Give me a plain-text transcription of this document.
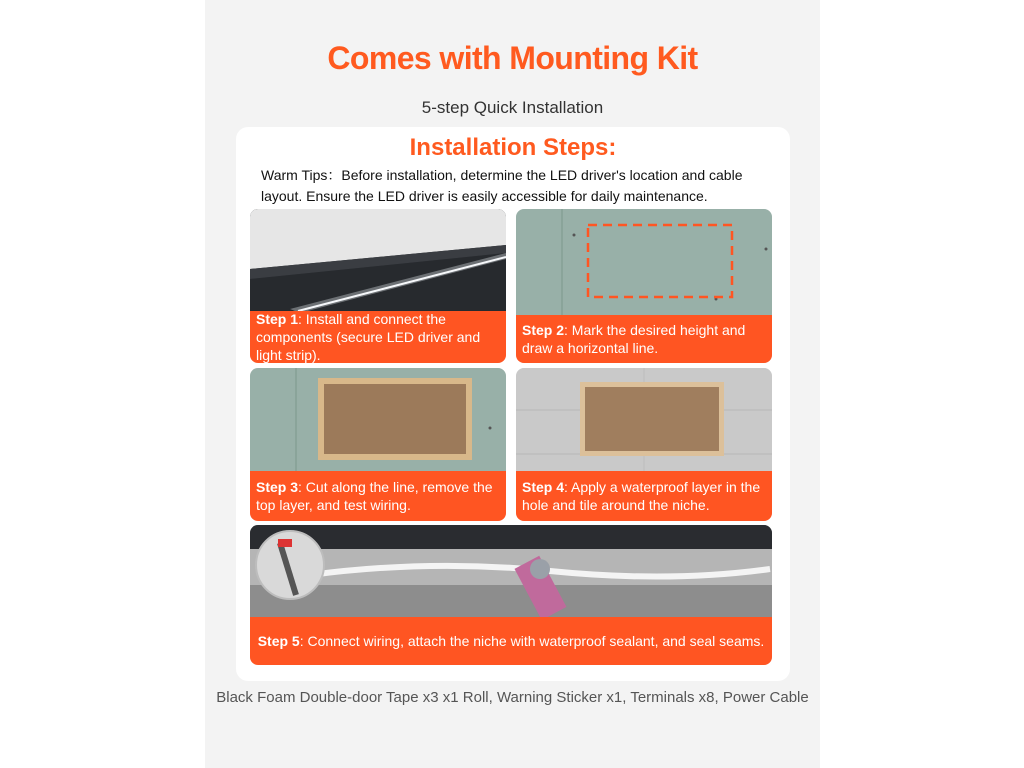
Comes with Mounting Kit
5-step Quick Installation
Installation Steps:
Warm Tips：Before installation, determine the LED driver's location and cable layout. Ensure the LED driver is easily accessible for daily maintenance.
Step 1: Install and connect the components (secure LED driver and light strip).
Step 2: Mark the desired height and draw a horizontal line.
Step 3: Cut along the line, remove the top layer, and test wiring.
Step 4: Apply a waterproof layer in the hole and tile around the niche.
Step 5: Connect wiring, attach the niche with waterproof sealant, and seal seams.
Black Foam Double-door Tape x3 x1 Roll, Warning Sticker x1, Terminals x8, Power Cable
